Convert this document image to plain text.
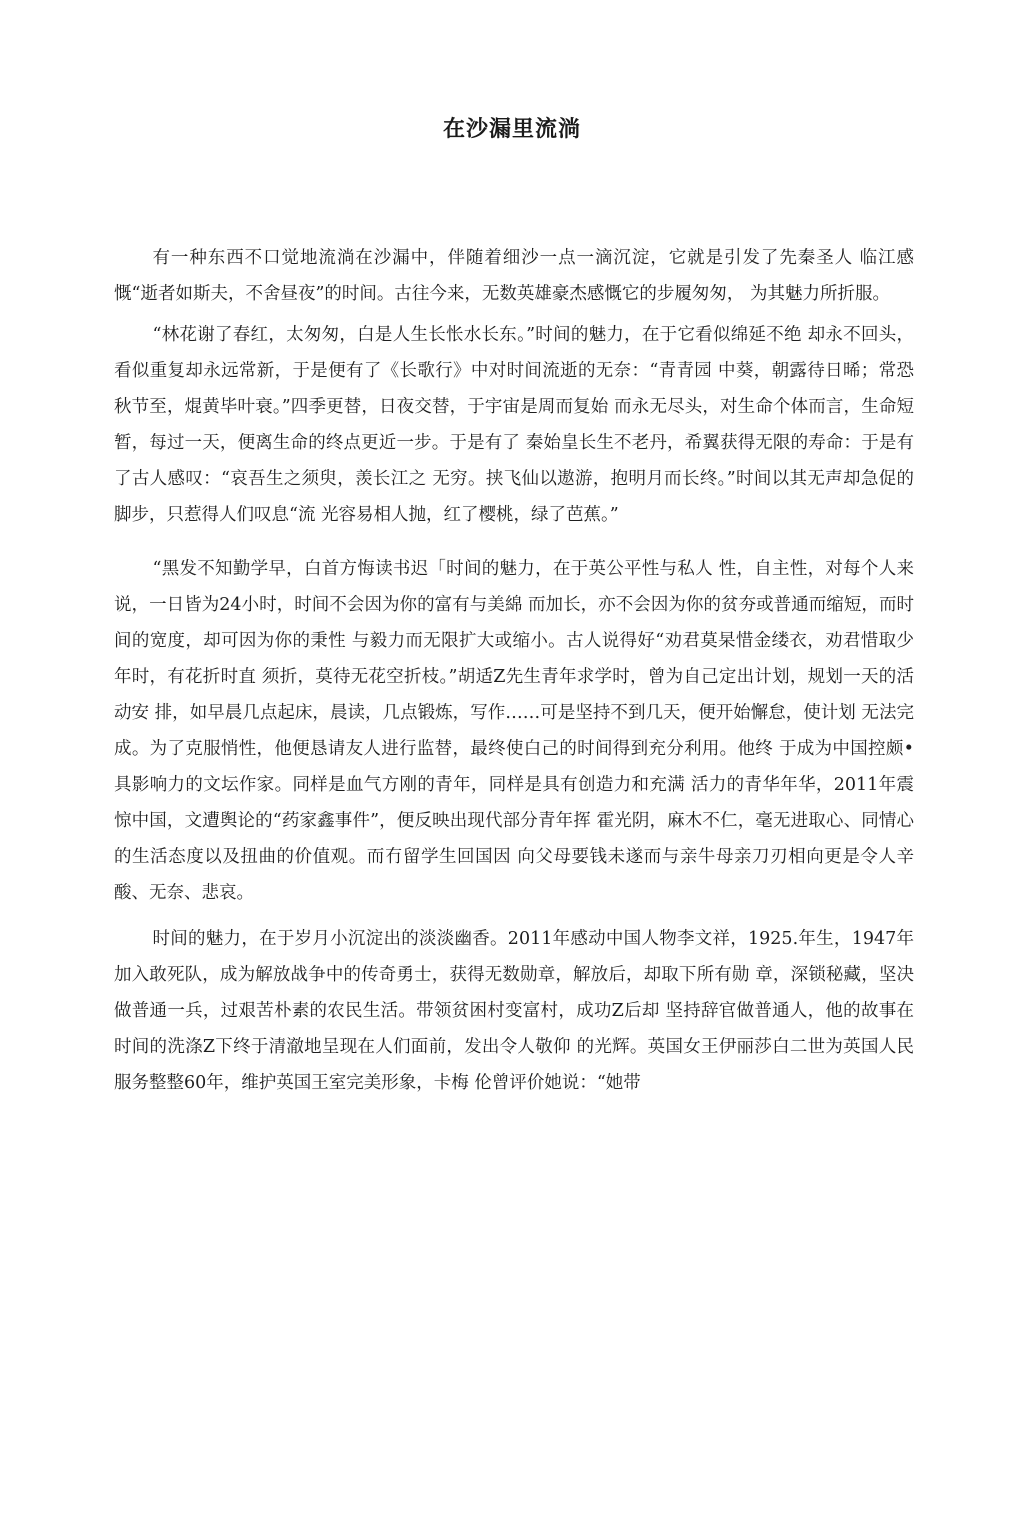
在沙漏里流淌

有一种东西不口觉地流淌在沙漏中，伴随着细沙一点一滴沉淀，它就是引发了先秦圣人 临江感慨“逝者如斯夫，不舍昼夜”的时间。古往今来，无数英雄豪杰感慨它的步履匆匆， 为其魅力所折服。

“林花谢了春红，太匆匆，白是人生长怅水长东。”时间的魅力，在于它看似绵延不绝 却永不回头，看似重复却永远常新，于是便有了《长歌行》中对时间流逝的无奈：“青青园 中葵，朝露待日晞；常恐秋节至，焜黄毕叶衰。”四季更替，日夜交替，于宇宙是周而复始 而永无尽头，对生命个体而言，生命短暂，每过一天，便离生命的终点更近一步。于是有了 秦始皇长生不老丹，希翼获得无限的寿命：于是有了古人感叹：“哀吾生之须臾，羡长江之 无穷。挟飞仙以遨游，抱明月而长终。”时间以其无声却急促的脚步，只惹得人们叹息“流 光容易相人抛，红了樱桃，绿了芭蕉。”

“黑发不知勤学早，白首方悔读书迟「时间的魅力，在于英公平性与私人 性，自主性，对每个人来说，一日皆为24小时，时间不会因为你的富有与美綿 而加长，亦不会因为你的贫夯或普通而缩短，而时间的宽度，却可因为你的秉性 与毅力而无限扩大或缩小。古人说得好“劝君莫杲惜金缕衣，劝君惜取少年时，有花折时直 须折，莫待无花空折枝。”胡适Z先生青年求学时，曾为自己定出计划，规划一天的活动安 排，如早晨几点起床，晨读，几点锻炼，写作……可是坚持不到几天，便开始懈怠，使计划 无法完成。为了克服悄性，他便恳请友人进行监替，最终使白己的时间得到充分利用。他终 于成为中国控颇•具影响力的文坛作家。同样是血气方刚的青年，同样是具有创造力和充满 活力的青华年华，2011年震惊中国，文遭舆论的“药家鑫事件”，便反映出现代部分青年挥 霍光阴，麻木不仁，毫无进取心、同情心的生活态度以及扭曲的价值观。而冇留学生回国因 向父母要钱未遂而与亲牛母亲刀刃相向更是令人辛酸、无奈、悲哀。

时间的魅力，在于岁月小沉淀出的淡淡幽香。2011年感动中国人物李文祥，1925.年生，1947年加入敢死队，成为解放战争中的传奇勇士，获得无数勋章，解放后，却取下所有勋 章，深锁秘藏，坚决做普通一兵，过艰苦朴素的农民生活。带领贫困村变富村，成功Z后却 坚持辞官做普通人，他的故事在时间的洗涤Z下终于清澈地呈现在人们面前，发出令人敬仰 的光辉。英国女王伊丽莎白二世为英国人民服务整整60年，维护英国王室完美形象，卡梅 伦曾评价她说：“她带
